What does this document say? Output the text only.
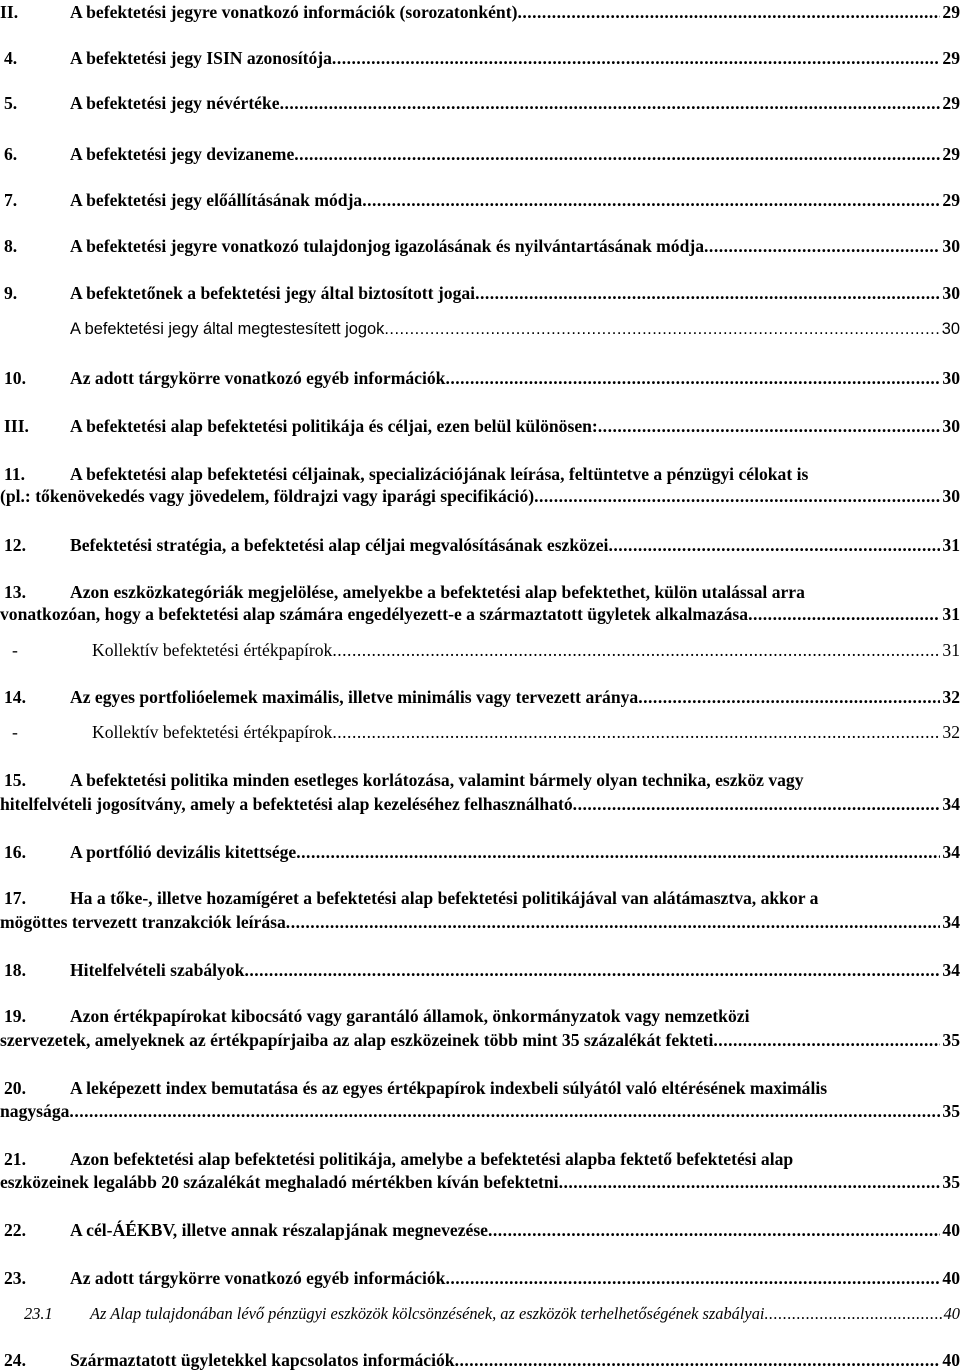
II.	A befektetési jegyre vonatkozó információk (sorozatonként) .....	29
4.	A befektetési jegy ISIN azonosítója .....	29
5.	A befektetési jegy névértéke .....	29
6.	A befektetési jegy devizaneme .....	29
7.	A befektetési jegy előállításának módja .....	29
8.	A befektetési jegyre vonatkozó tulajdonjog igazolásának és nyilvántartásának módja .....	30
9.	A befektetőnek a befektetési jegy által biztosított jogai .....	30
A befektetési jegy által megtestesített jogok .....	30
10.	Az adott tárgykörre vonatkozó egyéb információk .....	30
III. A befektetési alap befektetési politikája és céljai, ezen belül különösen: .....	30
11.	A befektetési alap befektetési céljainak, specializációjának leírása, feltüntetve a pénzügyi célokat is
(pl.: tőkenövekedés vagy jövedelem, földrajzi vagy iparági specifikáció) .....	30
12.	Befektetési stratégia, a befektetési alap céljai megvalósításának eszközei .....	31
13.	Azon eszközkategóriák megjelölése, amelyekbe a befektetési alap befektethet, külön utalással arra
vonatkozóan, hogy a befektetési alap számára engedélyezett-e a származtatott ügyletek alkalmazása .....	31
-	Kollektív befektetési értékpapírok .....	31
14.	Az egyes portfolióelemek maximális, illetve minimális vagy tervezett aránya .....	32
-	Kollektív befektetési értékpapírok .....	32
15.	A befektetési politika minden esetleges korlátozása, valamint bármely olyan technika, eszköz vagy
hitelfelvételi jogosítvány, amely a befektetési alap kezeléséhez felhasználható .....	34
16.	A portfólió devizális kitettsége .....	34
17.	Ha a tőke-, illetve hozamígéret a befektetési alap befektetési politikájával van alátámasztva, akkor a
mögöttes tervezett tranzakciók leírása .....	34
18.	Hitelfelvételi szabályok .....	34
19.	Azon értékpapírokat kibocsátó vagy garantáló államok, önkormányzatok vagy nemzetközi
szervezetek, amelyeknek az értékpapírjaiba az alap eszközeinek több mint 35 százalékát fekteti .....	35
20.	A leképezett index bemutatása és az egyes értékpapírok indexbeli súlyától való eltérésének maximális
nagysága .....	35
21.	Azon befektetési alap befektetési politikája, amelybe a befektetési alapba fektető befektetési alap
eszközeinek legalább 20 százalékát meghaladó mértékben kíván befektetni .....	35
22.	A cél-ÁÉKBV, illetve annak részalapjának megnevezése .....	40
23.	Az adott tárgykörre vonatkozó egyéb információk .....	40
23.1 Az Alap tulajdonában lévő pénzügyi eszközök kölcsönzésének, az eszközök terhelhetőségének szabályai .....	40
24.	Származtatott ügyletekkel kapcsolatos információk .....	40
